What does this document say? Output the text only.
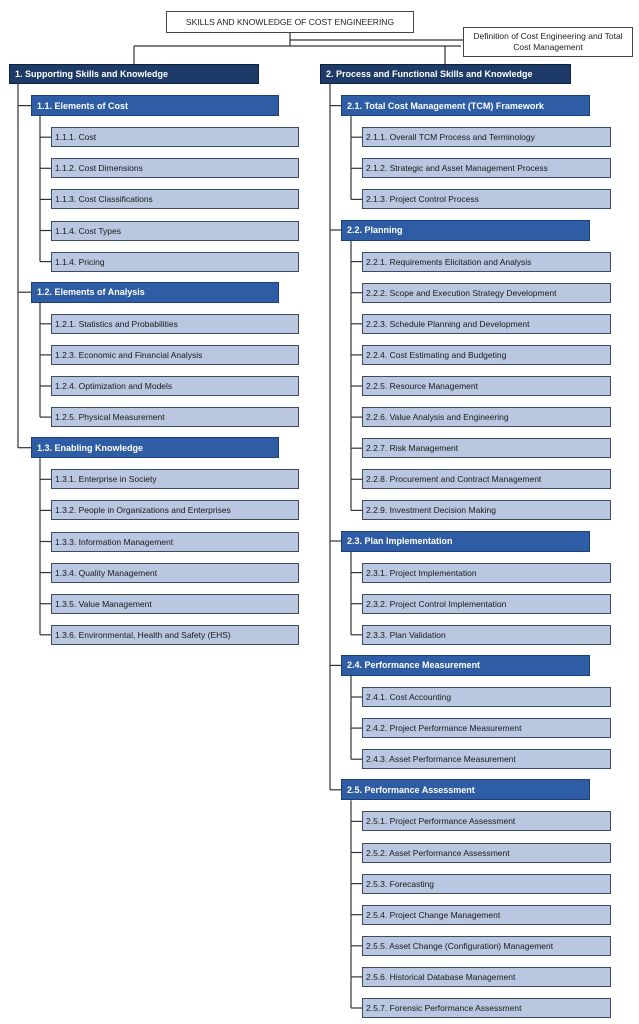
SKILLS AND KNOWLEDGE OF COST ENGINEERING
Definition of Cost Engineering and Total Cost Management
1. Supporting Skills and Knowledge
1.1. Elements of Cost
1.1.1. Cost
1.1.2. Cost Dimensions
1.1.3. Cost Classifications
1.1.4. Cost Types
1.1.4. Pricing
1.2. Elements of Analysis
1.2.1. Statistics and Probabilities
1.2.3. Economic and Financial Analysis
1.2.4. Optimization and Models
1.2.5. Physical Measurement
1.3. Enabling Knowledge
1.3.1. Enterprise in Society
1.3.2. People in Organizations and Enterprises
1.3.3. Information Management
1.3.4. Quality Management
1.3.5. Value Management
1.3.6. Environmental, Health and Safety (EHS)
2. Process and Functional Skills and Knowledge
2.1. Total Cost Management (TCM) Framework
2.1.1. Overall TCM Process and Terminology
2.1.2. Strategic and Asset Management Process
2.1.3. Project Control Process
2.2. Planning
2.2.1. Requirements Elicitation and Analysis
2.2.2. Scope and Execution Strategy Development
2.2.3. Schedule Planning and Development
2.2.4. Cost Estimating and Budgeting
2.2.5. Resource Management
2.2.6. Value Analysis and Engineering
2.2.7. Risk Management
2.2.8. Procurement and Contract Management
2.2.9. Investment Decision Making
2.3. Plan Implementation
2.3.1. Project Implementation
2.3.2. Project Control Implementation
2.3.3. Plan Validation
2.4. Performance Measurement
2.4.1. Cost Accounting
2.4.2. Project Performance Measurement
2.4.3. Asset Performance Measurement
2.5. Performance Assessment
2.5.1. Project Performance Assessment
2.5.2. Asset Performance Assessment
2.5.3. Forecasting
2.5.4. Project Change Management
2.5.5. Asset Change (Configuration) Management
2.5.6. Historical Database Management
2.5.7. Forensic Performance Assessment
